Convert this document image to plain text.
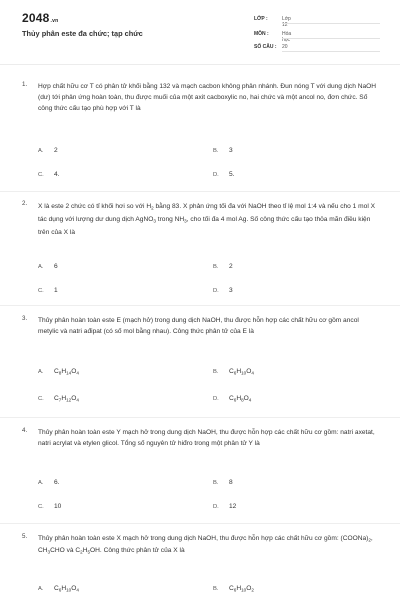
2048.vn
Thủy phân este đa chức; tạp chức
LỚP :	Lớp 12
MÔN :	Hóa học
SỐ CÂU :	20
1. Hợp chất hữu cơ T có phân tử khối bằng 132 và mạch cacbon không phân nhánh. Đun nóng T với dung dịch NaOH (dư) tới phản ứng hoàn toàn, thu được muối của một axit cacboxylic no, hai chức và một ancol no, đơn chức. Số công thức cấu tạo phù hợp với T là
A. 2	B. 3
C. 4.	D. 5.
2. X là este 2 chức có tỉ khối hơi so với $H_2$ bằng 83. X phản ứng tối đa với NaOH theo tỉ lệ mol 1:4 và nếu cho 1 mol X tác dụng với lượng dư dung dịch AgNO$_3$ trong $NH_3$, cho tối đa 4 mol Ag. Số công thức cấu tạo thỏa mãn điều kiện trên của X là
A. 6	B. 2
C. 1	D. 3
3. Thủy phân hoàn toàn este E (mạch hở) trong dung dịch NaOH, thu được hỗn hợp các chất hữu cơ gồm ancol metylic và natri ađipat (có số mol bằng nhau). Công thức phân tử của E là
A. $C_8H_{14}O_4$	B. $C_6H_{10}O_4$
C. $C_7H_{12}O_4$	D. $C_6H_8O_4$
4. Thủy phân hoàn toàn este Y mạch hở trong dung dịch NaOH, thu được hỗn hợp các chất hữu cơ gồm: natri axetat, natri acrylat và etylen glicol. Tổng số nguyên tử hiđro trong một phân tử Y là
A. 6.	B. 8
C. 10	D. 12
5. Thủy phân hoàn toàn este X mạch hở trong dung dịch NaOH, thu được hỗn hợp các chất hữu cơ gồm: $(COONa)_2$, $CH_3CHO$ và $C_2H_5OH$. Công thức phân tử của X là
A. $C_6H_{10}O_4$	B. $C_6H_{10}O_2$
